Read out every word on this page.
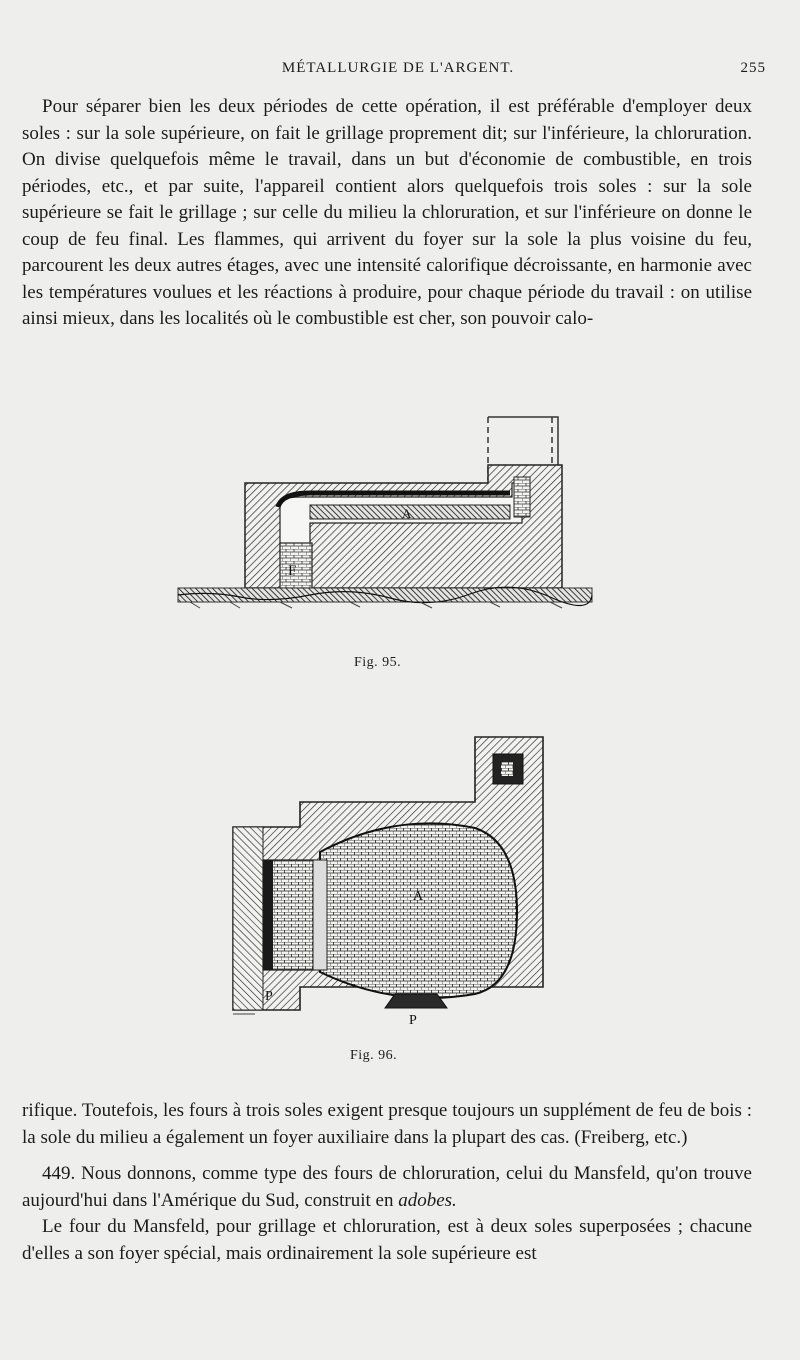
MÉTALLURGIE DE L'ARGENT.	255

Pour séparer bien les deux périodes de cette opération, il est préférable d'employer deux soles : sur la sole supérieure, on fait le grillage proprement dit; sur l'inférieure, la chloruration. On divise quelquefois même le travail, dans un but d'économie de combustible, en trois périodes, etc., et par suite, l'appareil contient alors quelquefois trois soles : sur la sole supérieure se fait le grillage ; sur celle du milieu la chloruration, et sur l'inférieure on donne le coup de feu final. Les flammes, qui arrivent du foyer sur la sole la plus voisine du feu, parcourent les deux autres étages, avec une intensité calorifique décroissante, en harmonie avec les températures voulues et les réactions à produire, pour chaque période du travail : on utilise ainsi mieux, dans les localités où le combustible est cher, son pouvoir calo-

A
F
Fig. 95.
A
P
P
Fig. 96.

rifique. Toutefois, les fours à trois soles exigent presque toujours un supplément de feu de bois : la sole du milieu a également un foyer auxiliaire dans la plupart des cas. (Freiberg, etc.)

449. Nous donnons, comme type des fours de chloruration, celui du Mansfeld, qu'on trouve aujourd'hui dans l'Amérique du Sud, construit en adobes.

Le four du Mansfeld, pour grillage et chloruration, est à deux soles superposées ; chacune d'elles a son foyer spécial, mais ordinairement la sole supérieure est
